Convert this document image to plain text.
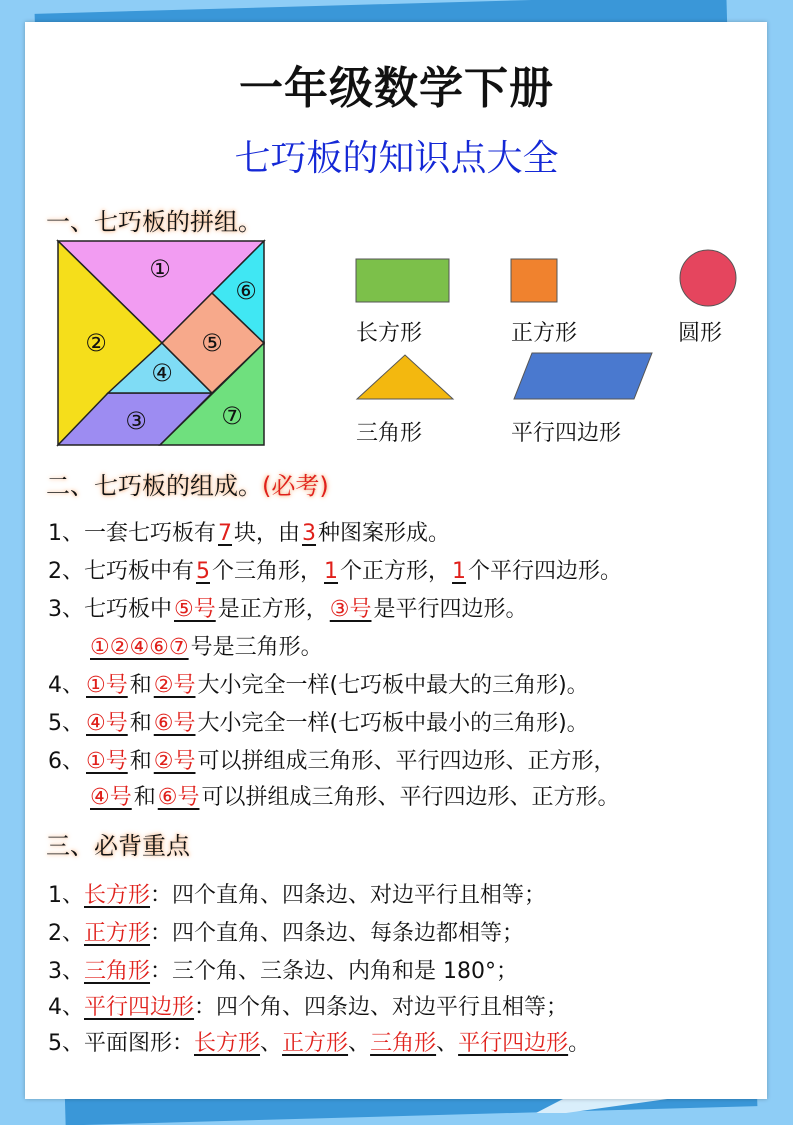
一年级数学下册
七巧板的知识点大全
一、七巧板的拼组。
①
②
③
④
⑤
⑥
⑦
长方形	正方形	圆形
三角形	平行四边形
二、七巧板的组成。(必考)
1、一套七巧板有7块，由3种图案形成。
2、七巧板中有5个三角形，1个正方形，1个平行四边形。
3、七巧板中⑤号是正方形，③号是平行四边形。
①②④⑥⑦号是三角形。
4、①号和②号大小完全一样(七巧板中最大的三角形)。
5、④号和⑥号大小完全一样(七巧板中最小的三角形)。
6、①号和②号可以拼组成三角形、平行四边形、正方形，
④号和⑥号可以拼组成三角形、平行四边形、正方形。
三、必背重点
1、长方形：四个直角、四条边、对边平行且相等；
2、正方形：四个直角、四条边、每条边都相等；
3、三角形：三个角、三条边、内角和是 180°；
4、平行四边形：四个角、四条边、对边平行且相等；
5、平面图形：长方形、正方形、三角形、平行四边形。
